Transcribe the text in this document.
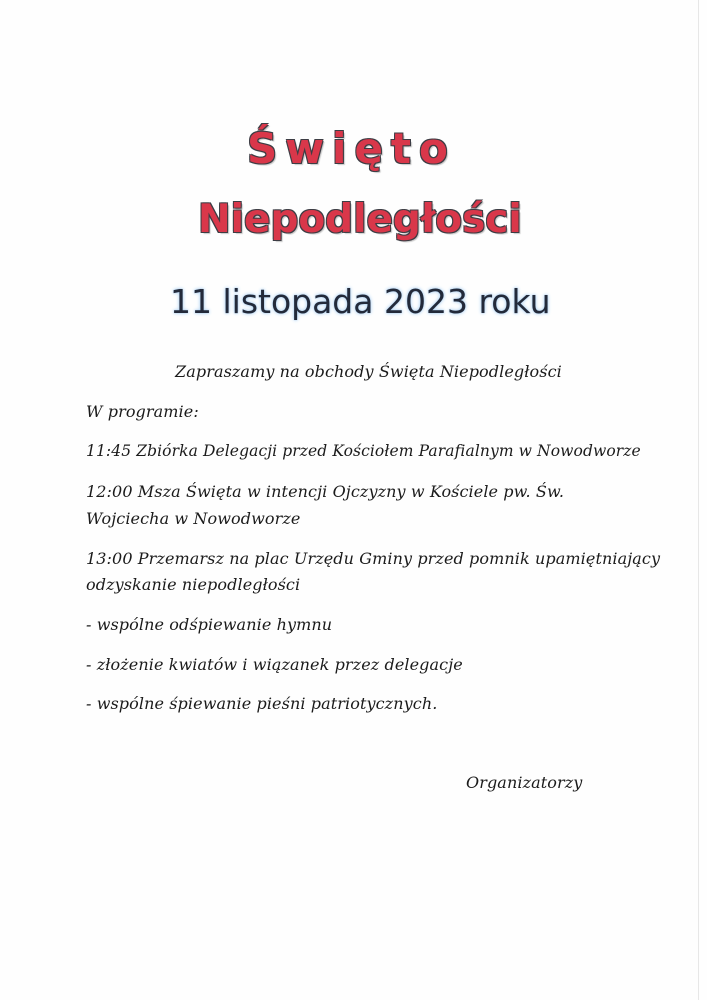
Święto
Niepodległości
11 listopada 2023 roku
Zapraszamy na obchody Święta Niepodległości
W programie:
11:45 Zbiórka Delegacji przed Kościołem Parafialnym w Nowodworze
12:00 Msza Święta w intencji Ojczyzny w Kościele pw. Św.
Wojciecha w Nowodworze
13:00 Przemarsz na plac Urzędu Gminy przed pomnik upamiętniający
odzyskanie niepodległości
- wspólne odśpiewanie hymnu
- złożenie kwiatów i wiązanek przez delegacje
- wspólne śpiewanie pieśni patriotycznych.
Organizatorzy
